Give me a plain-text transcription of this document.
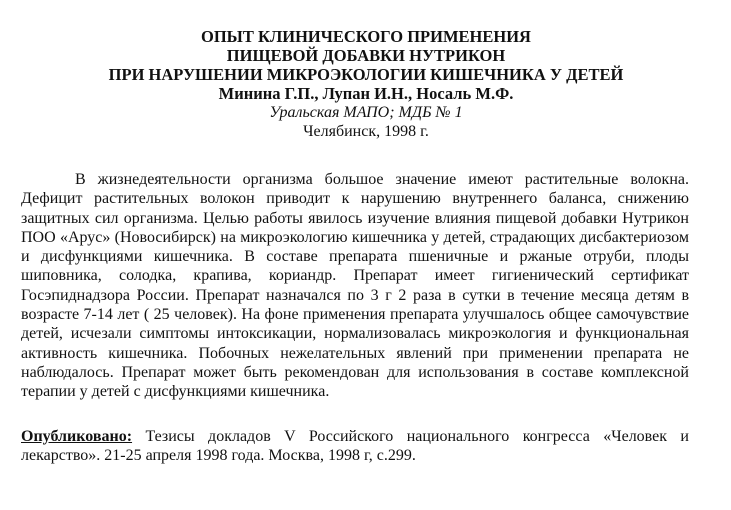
ОПЫТ КЛИНИЧЕСКОГО ПРИМЕНЕНИЯ

ПИЩЕВОЙ ДОБАВКИ НУТРИКОН

ПРИ НАРУШЕНИИ МИКРОЭКОЛОГИИ КИШЕЧНИКА У ДЕТЕЙ

Минина Г.П., Лупан И.Н., Носаль М.Ф.

Уральская МАПО; МДБ № 1

Челябинск, 1998 г.

В жизнедеятельности организма большое значение имеют растительные волокна. Дефицит растительных волокон приводит к нарушению внутреннего баланса, снижению защитных сил организма. Целью работы явилось изучение влияния пищевой добавки Нутрикон ПОО «Арус» (Новосибирск) на микроэкологию кишечника у детей, страдающих дисбактериозом и дисфункциями кишечника. В составе препарата пшеничные и ржаные отруби, плоды шиповника, солодка, крапива, кориандр. Препарат имеет гигиенический сертификат Госэпиднадзора России. Препарат назначался по 3 г 2 раза в сутки в течение месяца детям в возрасте 7-14 лет ( 25 человек). На фоне применения препарата улучшалось общее самочувствие детей, исчезали симптомы интоксикации, нормализовалась микроэкология и функциональная активность кишечника. Побочных нежелательных явлений при применении препарата не наблюдалось. Препарат может быть рекомендован для использования в составе комплексной терапии у детей с дисфункциями кишечника.

Опубликовано: Тезисы докладов V Российского национального конгресса «Человек и лекарство». 21-25 апреля 1998 года. Москва, 1998 г, с.299.
